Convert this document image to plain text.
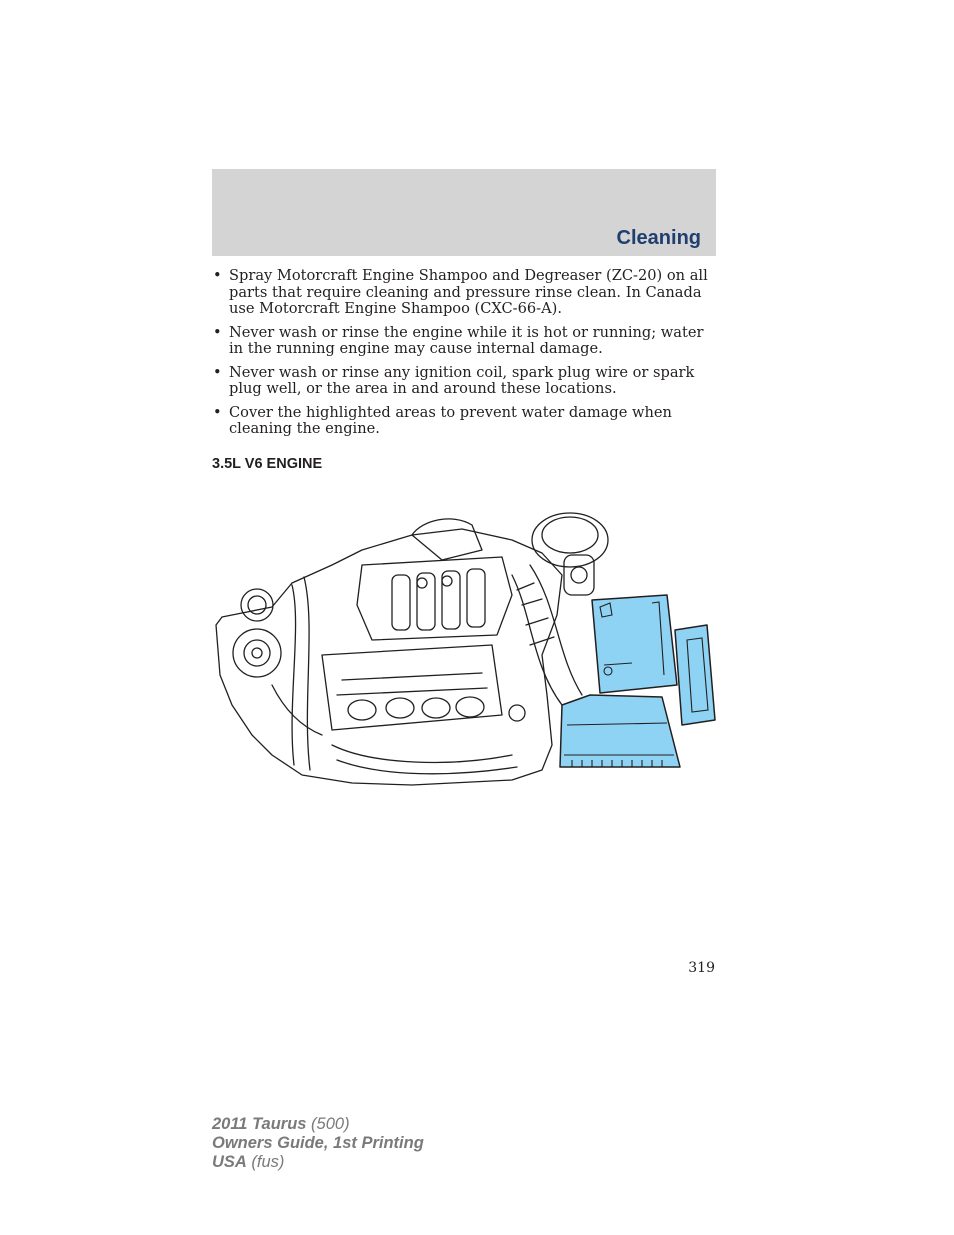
Cleaning
• Spray Motorcraft Engine Shampoo and Degreaser (ZC-20) on all parts that require cleaning and pressure rinse clean. In Canada use Motorcraft Engine Shampoo (CXC-66-A).
• Never wash or rinse the engine while it is hot or running; water in the running engine may cause internal damage.
• Never wash or rinse any ignition coil, spark plug wire or spark plug well, or the area in and around these locations.
• Cover the highlighted areas to prevent water damage when cleaning the engine.
3.5L V6 ENGINE
319
2011 Taurus (500)
Owners Guide, 1st Printing
USA (fus)
